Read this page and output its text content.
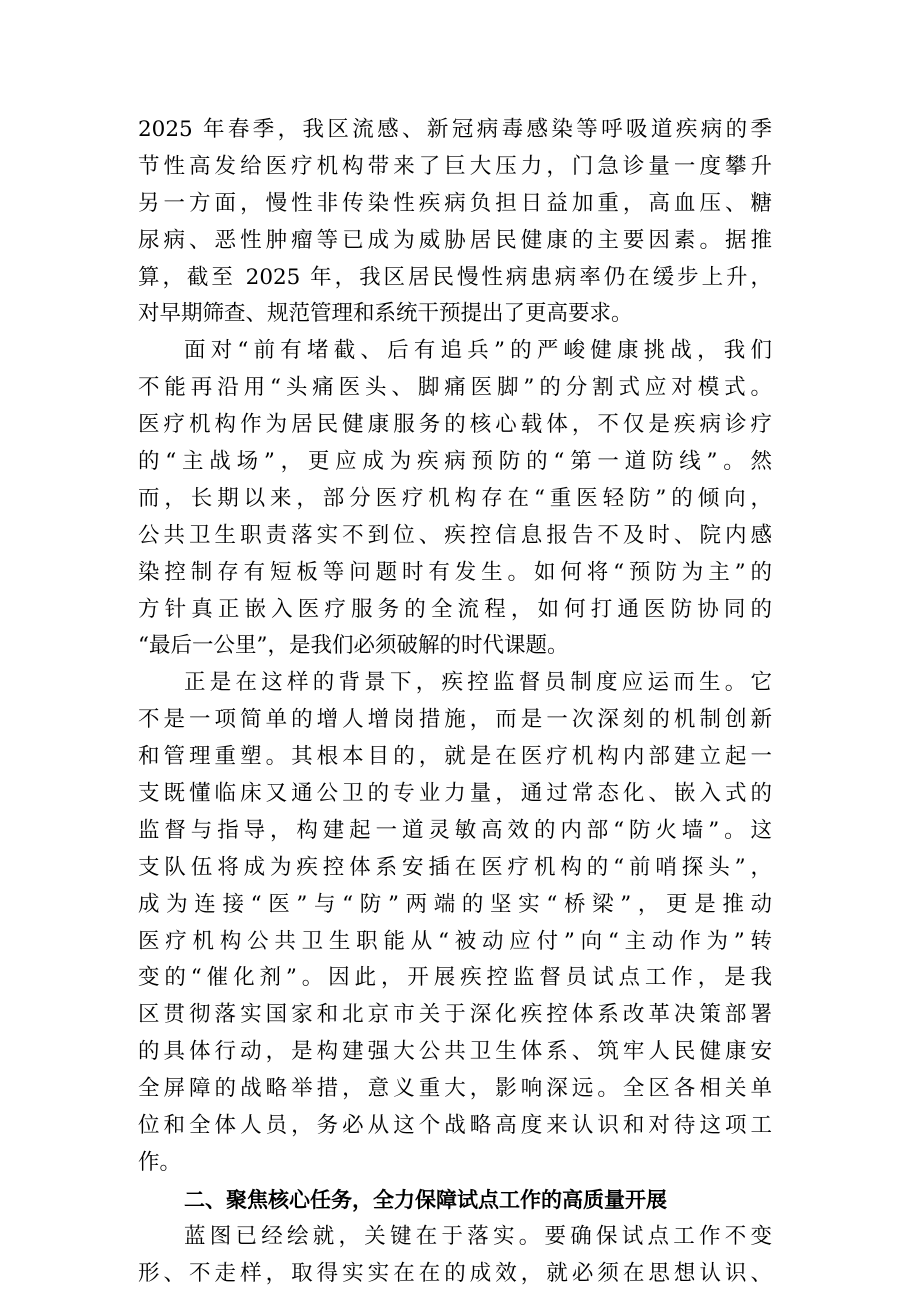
2025 年春季，我区流感、新冠病毒感染等呼吸道疾病的季
节性高发给医疗机构带来了巨大压力，门急诊量一度攀升
另一方面，慢性非传染性疾病负担日益加重，高血压、糖
尿病、恶性肿瘤等已成为威胁居民健康的主要因素。据推
算，截至 2025 年，我区居民慢性病患病率仍在缓步上升，
对早期筛查、规范管理和系统干预提出了更高要求。
面对“前有堵截、后有追兵”的严峻健康挑战，我们
不能再沿用“头痛医头、脚痛医脚”的分割式应对模式。
医疗机构作为居民健康服务的核心载体，不仅是疾病诊疗
的“主战场”，更应成为疾病预防的“第一道防线”。然
而，长期以来，部分医疗机构存在“重医轻防”的倾向，
公共卫生职责落实不到位、疾控信息报告不及时、院内感
染控制存有短板等问题时有发生。如何将“预防为主”的
方针真正嵌入医疗服务的全流程，如何打通医防协同的
“最后一公里”，是我们必须破解的时代课题。
正是在这样的背景下，疾控监督员制度应运而生。它
不是一项简单的增人增岗措施，而是一次深刻的机制创新
和管理重塑。其根本目的，就是在医疗机构内部建立起一
支既懂临床又通公卫的专业力量，通过常态化、嵌入式的
监督与指导，构建起一道灵敏高效的内部“防火墙”。这
支队伍将成为疾控体系安插在医疗机构的“前哨探头”，
成为连接“医”与“防”两端的坚实“桥梁”，更是推动
医疗机构公共卫生职能从“被动应付”向“主动作为”转
变的“催化剂”。因此，开展疾控监督员试点工作，是我
区贯彻落实国家和北京市关于深化疾控体系改革决策部署
的具体行动，是构建强大公共卫生体系、筑牢人民健康安
全屏障的战略举措，意义重大，影响深远。全区各相关单
位和全体人员，务必从这个战略高度来认识和对待这项工
作。
二、聚焦核心任务，全力保障试点工作的高质量开展
蓝图已经绘就，关键在于落实。要确保试点工作不变
形、不走样，取得实实在在的成效，就必须在思想认识、
